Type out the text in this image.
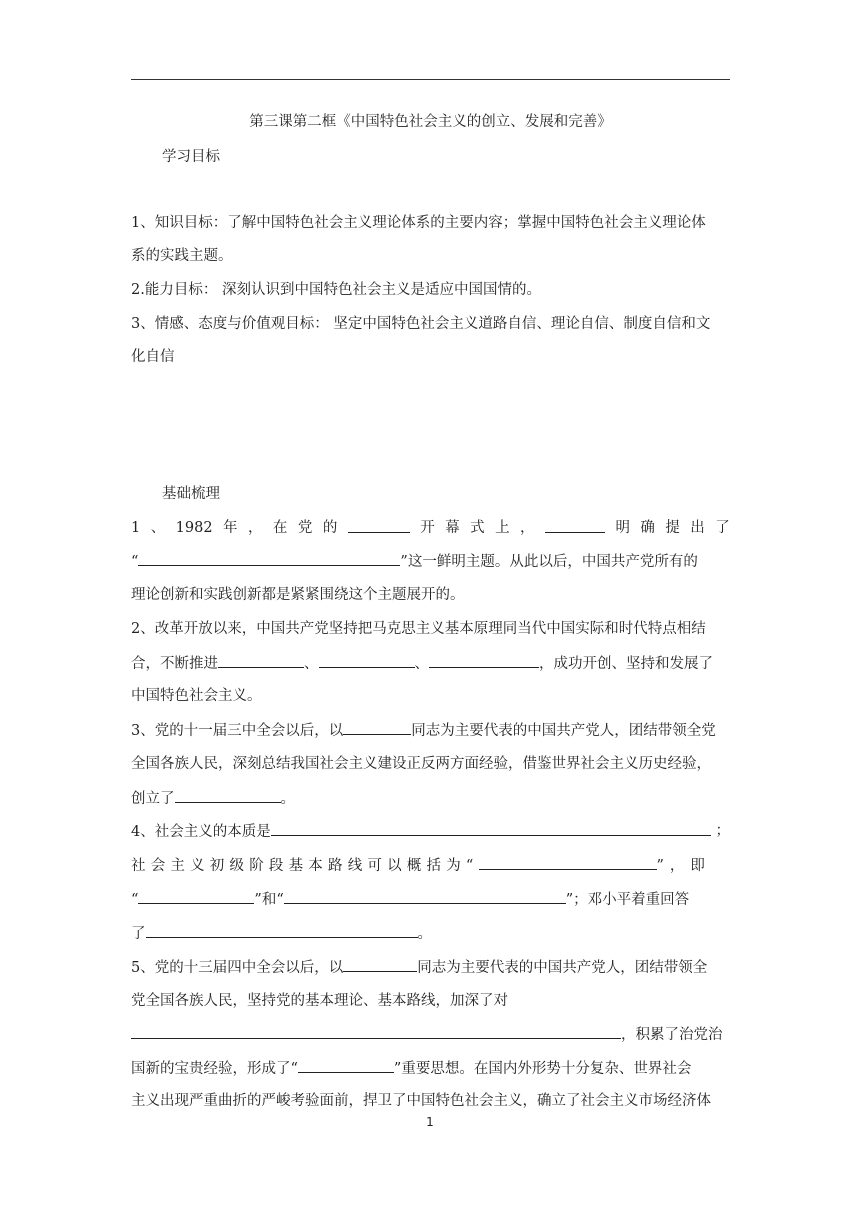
第三课第二框《中国特色社会主义的创立、发展和完善》
学习目标
1、知识目标：了解中国特色社会主义理论体系的主要内容；掌握中国特色社会主义理论体
系的实践主题。
2.能力目标： 深刻认识到中国特色社会主义是适应中国国情的。
3、情感、态度与价值观目标： 坚定中国特色社会主义道路自信、理论自信、制度自信和文
化自信
基础梳理
1 、 1982 年 ， 在 党 的	开 幕 式 上 ，	明 确 提 出 了
“	”这一鲜明主题。从此以后，中国共产党所有的
理论创新和实践创新都是紧紧围绕这个主题展开的。
2、改革开放以来，中国共产党坚持把马克思主义基本原理同当代中国实际和时代特点相结
合，不断推进	、	、	，成功开创、坚持和发展了
中国特色社会主义。
3、党的十一届三中全会以后，以	同志为主要代表的中国共产党人，团结带领全党
全国各族人民，深刻总结我国社会主义建设正反两方面经验，借鉴世界社会主义历史经验，
创立了	。
4、社会主义的本质是	；
社会主义初级阶段基本路线可以概括为“	”，即
“	”和“	”；邓小平着重回答
了	。
5、党的十三届四中全会以后，以	同志为主要代表的中国共产党人，团结带领全
党全国各族人民，坚持党的基本理论、基本路线，加深了对
，积累了治党治
国新的宝贵经验，形成了“	”重要思想。在国内外形势十分复杂、世界社会
主义出现严重曲折的严峻考验面前，捍卫了中国特色社会主义，确立了社会主义市场经济体
1
